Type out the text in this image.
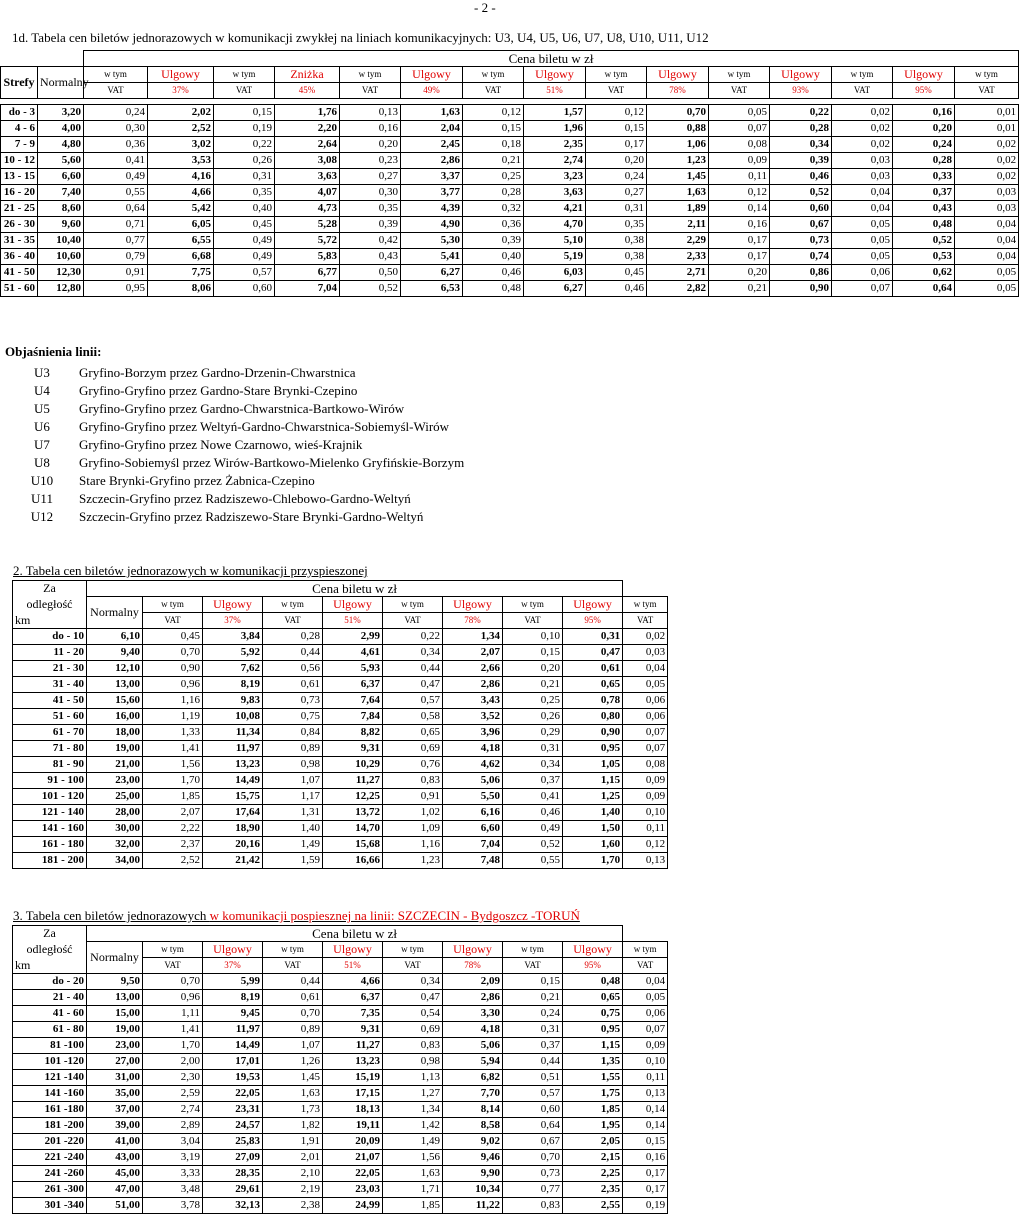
- 2 -
1d. Tabela cen biletów jednorazowych w komunikacji zwykłej na liniach komunikacyjnych: U3, U4, U5, U6, U7, U8, U10, U11, U12
		Cena biletu w zł														
Strefy	Normalny	w tym	Ulgowy	w tym	Zniżka	w tym	Ulgowy	w tym	Ulgowy	w tym	Ulgowy	w tym	Ulgowy	w tym	Ulgowy	w tym
		VAT	37%	VAT	45%	VAT	49%	VAT	51%	VAT	78%	VAT	93%	VAT	95%	VAT

do - 3	3,20	0,24	2,02	0,15	1,76	0,13	1,63	0,12	1,57	0,12	0,70	0,05	0,22	0,02	0,16	0,01
4 - 6	4,00	0,30	2,52	0,19	2,20	0,16	2,04	0,15	1,96	0,15	0,88	0,07	0,28	0,02	0,20	0,01
7 - 9	4,80	0,36	3,02	0,22	2,64	0,20	2,45	0,18	2,35	0,17	1,06	0,08	0,34	0,02	0,24	0,02
10 - 12	5,60	0,41	3,53	0,26	3,08	0,23	2,86	0,21	2,74	0,20	1,23	0,09	0,39	0,03	0,28	0,02
13 - 15	6,60	0,49	4,16	0,31	3,63	0,27	3,37	0,25	3,23	0,24	1,45	0,11	0,46	0,03	0,33	0,02
16 - 20	7,40	0,55	4,66	0,35	4,07	0,30	3,77	0,28	3,63	0,27	1,63	0,12	0,52	0,04	0,37	0,03
21 - 25	8,60	0,64	5,42	0,40	4,73	0,35	4,39	0,32	4,21	0,31	1,89	0,14	0,60	0,04	0,43	0,03
26 - 30	9,60	0,71	6,05	0,45	5,28	0,39	4,90	0,36	4,70	0,35	2,11	0,16	0,67	0,05	0,48	0,04
31 - 35	10,40	0,77	6,55	0,49	5,72	0,42	5,30	0,39	5,10	0,38	2,29	0,17	0,73	0,05	0,52	0,04
36 - 40	10,60	0,79	6,68	0,49	5,83	0,43	5,41	0,40	5,19	0,38	2,33	0,17	0,74	0,05	0,53	0,04
41 - 50	12,30	0,91	7,75	0,57	6,77	0,50	6,27	0,46	6,03	0,45	2,71	0,20	0,86	0,06	0,62	0,05
51 - 60	12,80	0,95	8,06	0,60	7,04	0,52	6,53	0,48	6,27	0,46	2,82	0,21	0,90	0,07	0,64	0,05
Objaśnienia linii:
U3 Gryfino-Borzym przez Gardno-Drzenin-Chwarstnica
U4 Gryfino-Gryfino przez Gardno-Stare Brynki-Czepino
U5 Gryfino-Gryfino przez Gardno-Chwarstnica-Bartkowo-Wirów
U6 Gryfino-Gryfino przez Weltyń-Gardno-Chwarstnica-Sobiemyśl-Wirów
U7 Gryfino-Gryfino przez Nowe Czarnowo, wieś-Krajnik
U8 Gryfino-Sobiemyśl przez Wirów-Bartkowo-Mielenko Gryfińskie-Borzym
U10 Stare Brynki-Gryfino przez Żabnica-Czepino
U11 Szczecin-Gryfino przez Radziszewo-Chlebowo-Gardno-Weltyń
U12 Szczecin-Gryfino przez Radziszewo-Stare Brynki-Gardno-Weltyń
2. Tabela cen biletów jednorazowych w komunikacji przyspieszonej
Za	Cena biletu w zł									
odległość	Normalny	w tym	Ulgowy	w tym	Ulgowy	w tym	Ulgowy	w tym	Ulgowy	w tym
km		VAT	37%	VAT	51%	VAT	78%	VAT	95%	VAT
do - 10	6,10	0,45	3,84	0,28	2,99	0,22	1,34	0,10	0,31	0,02
11 - 20	9,40	0,70	5,92	0,44	4,61	0,34	2,07	0,15	0,47	0,03
21 - 30	12,10	0,90	7,62	0,56	5,93	0,44	2,66	0,20	0,61	0,04
31 - 40	13,00	0,96	8,19	0,61	6,37	0,47	2,86	0,21	0,65	0,05
41 - 50	15,60	1,16	9,83	0,73	7,64	0,57	3,43	0,25	0,78	0,06
51 - 60	16,00	1,19	10,08	0,75	7,84	0,58	3,52	0,26	0,80	0,06
61 - 70	18,00	1,33	11,34	0,84	8,82	0,65	3,96	0,29	0,90	0,07
71 - 80	19,00	1,41	11,97	0,89	9,31	0,69	4,18	0,31	0,95	0,07
81 - 90	21,00	1,56	13,23	0,98	10,29	0,76	4,62	0,34	1,05	0,08
91 - 100	23,00	1,70	14,49	1,07	11,27	0,83	5,06	0,37	1,15	0,09
101 - 120	25,00	1,85	15,75	1,17	12,25	0,91	5,50	0,41	1,25	0,09
121 - 140	28,00	2,07	17,64	1,31	13,72	1,02	6,16	0,46	1,40	0,10
141 - 160	30,00	2,22	18,90	1,40	14,70	1,09	6,60	0,49	1,50	0,11
161 - 180	32,00	2,37	20,16	1,49	15,68	1,16	7,04	0,52	1,60	0,12
181 - 200	34,00	2,52	21,42	1,59	16,66	1,23	7,48	0,55	1,70	0,13
3. Tabela cen biletów jednorazowych w komunikacji pospiesznej na linii: SZCZECIN - Bydgoszcz -TORUŃ
Za	Cena biletu w zł									
odległość	Normalny	w tym	Ulgowy	w tym	Ulgowy	w tym	Ulgowy	w tym	Ulgowy	w tym
km		VAT	37%	VAT	51%	VAT	78%	VAT	95%	VAT
do - 20	9,50	0,70	5,99	0,44	4,66	0,34	2,09	0,15	0,48	0,04
21 - 40	13,00	0,96	8,19	0,61	6,37	0,47	2,86	0,21	0,65	0,05
41 - 60	15,00	1,11	9,45	0,70	7,35	0,54	3,30	0,24	0,75	0,06
61 - 80	19,00	1,41	11,97	0,89	9,31	0,69	4,18	0,31	0,95	0,07
81 -100	23,00	1,70	14,49	1,07	11,27	0,83	5,06	0,37	1,15	0,09
101 -120	27,00	2,00	17,01	1,26	13,23	0,98	5,94	0,44	1,35	0,10
121 -140	31,00	2,30	19,53	1,45	15,19	1,13	6,82	0,51	1,55	0,11
141 -160	35,00	2,59	22,05	1,63	17,15	1,27	7,70	0,57	1,75	0,13
161 -180	37,00	2,74	23,31	1,73	18,13	1,34	8,14	0,60	1,85	0,14
181 -200	39,00	2,89	24,57	1,82	19,11	1,42	8,58	0,64	1,95	0,14
201 -220	41,00	3,04	25,83	1,91	20,09	1,49	9,02	0,67	2,05	0,15
221 -240	43,00	3,19	27,09	2,01	21,07	1,56	9,46	0,70	2,15	0,16
241 -260	45,00	3,33	28,35	2,10	22,05	1,63	9,90	0,73	2,25	0,17
261 -300	47,00	3,48	29,61	2,19	23,03	1,71	10,34	0,77	2,35	0,17
301 -340	51,00	3,78	32,13	2,38	24,99	1,85	11,22	0,83	2,55	0,19
